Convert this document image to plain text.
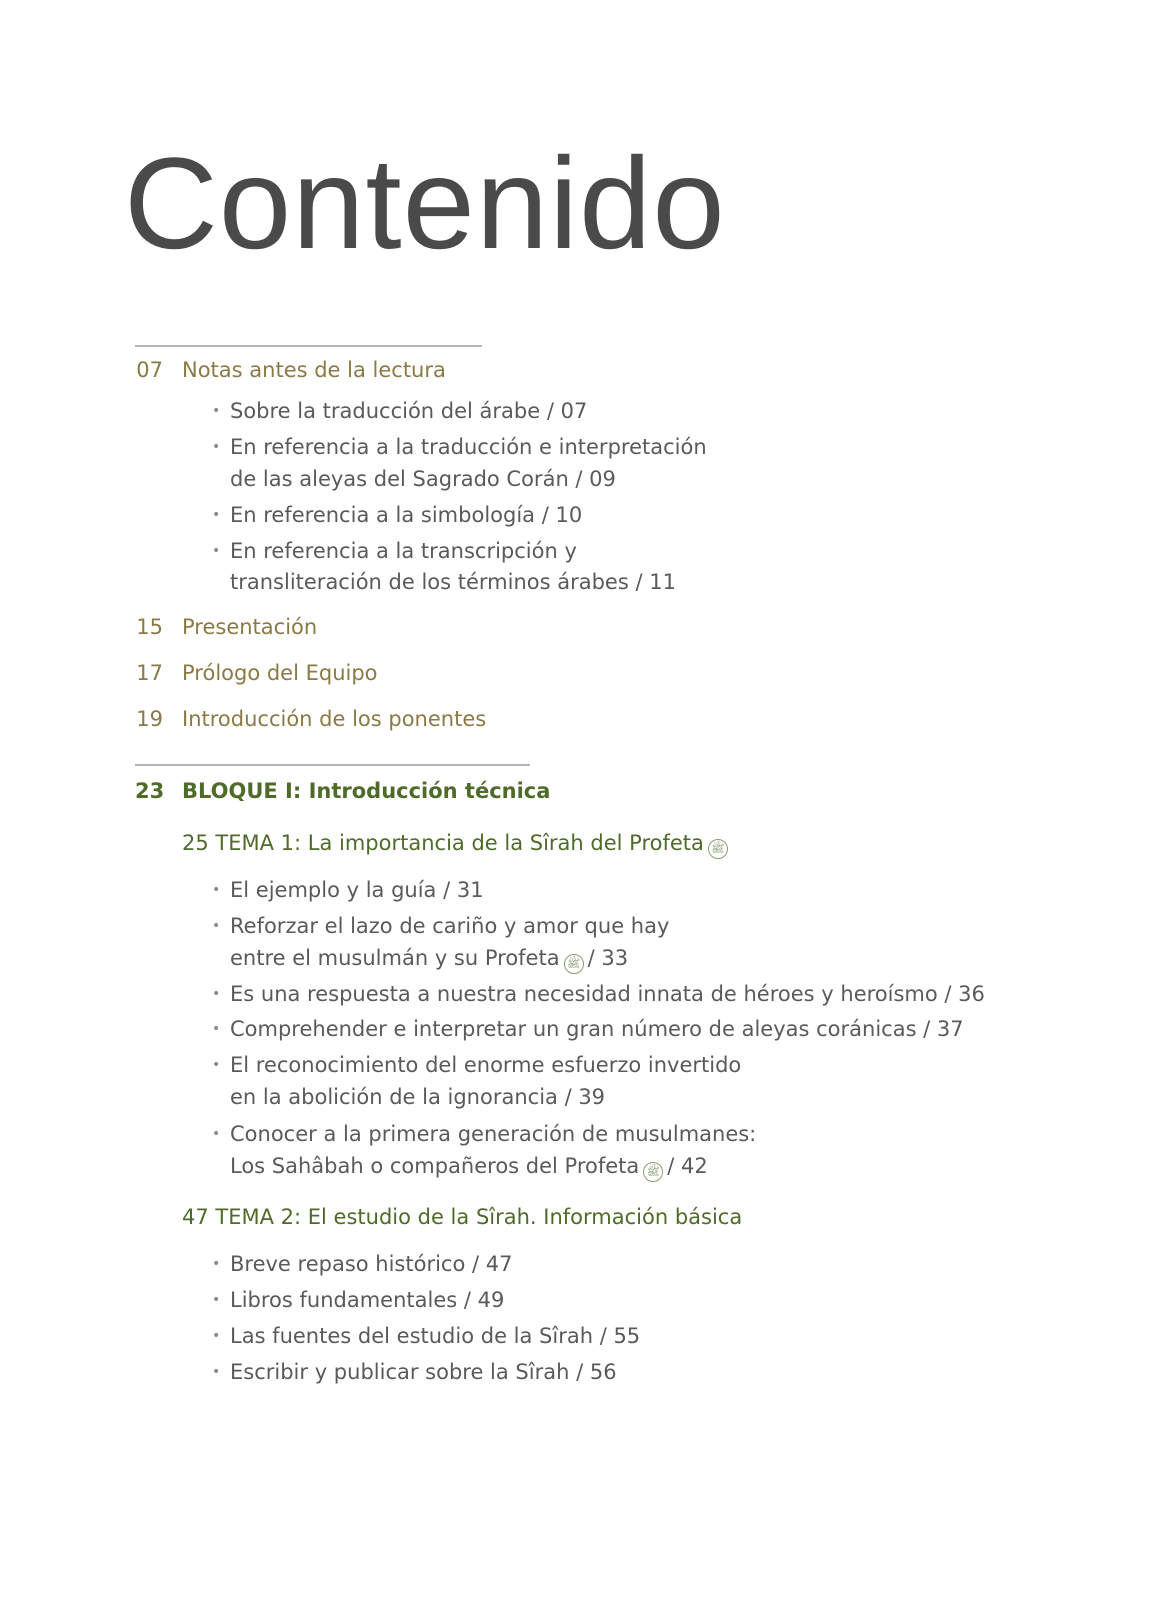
Contenido
07 Notas antes de la lectura
• Sobre la traducción del árabe / 07
• En referencia a la traducción e interpretación
de las aleyas del Sagrado Corán / 09
• En referencia a la simbología / 10
• En referencia a la transcripción y
transliteración de los términos árabes / 11
15 Presentación
17 Prólogo del Equipo
19 Introducción de los ponentes
23 BLOQUE I: Introducción técnica
25 TEMA 1: La importancia de la Sîrah del Profeta ﷺ
• El ejemplo y la guía / 31
• Reforzar el lazo de cariño y amor que hay
entre el musulmán y su Profeta ﷺ / 33
• Es una respuesta a nuestra necesidad innata de héroes y heroísmo / 36
• Comprehender e interpretar un gran número de aleyas coránicas / 37
• El reconocimiento del enorme esfuerzo invertido
en la abolición de la ignorancia / 39
• Conocer a la primera generación de musulmanes:
Los Sahâbah o compañeros del Profeta ﷺ / 42
47 TEMA 2: El estudio de la Sîrah. Información básica
• Breve repaso histórico / 47
• Libros fundamentales / 49
• Las fuentes del estudio de la Sîrah / 55
• Escribir y publicar sobre la Sîrah / 56
